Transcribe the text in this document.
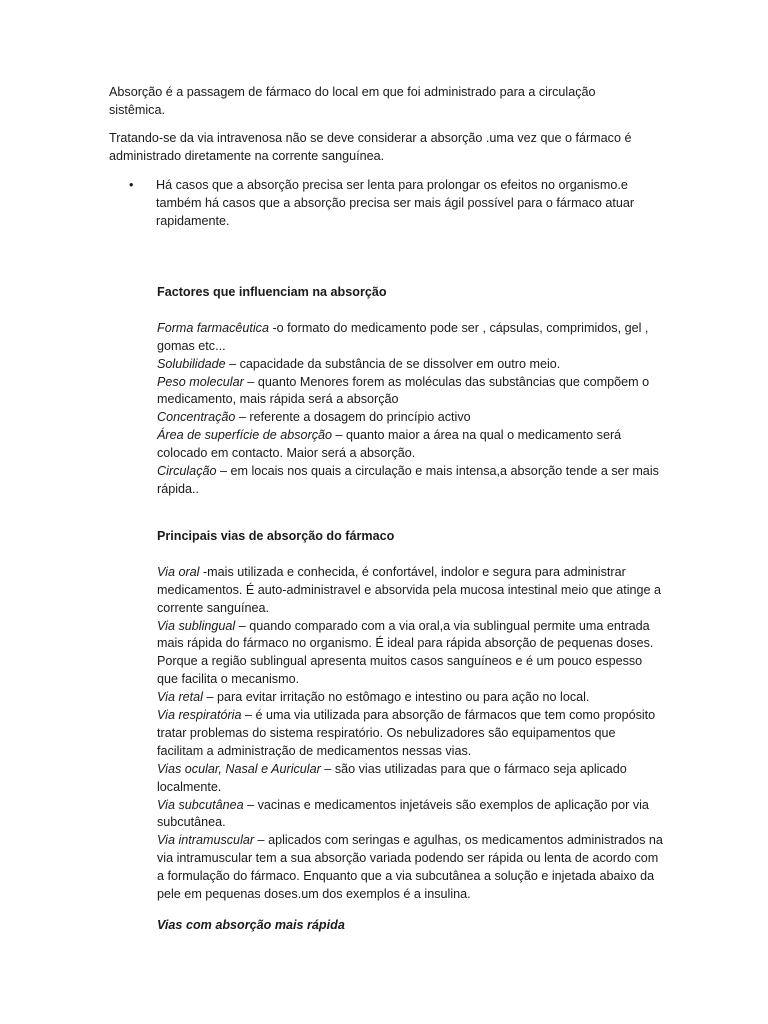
Absorção é a passagem de fármaco do local em que foi administrado para a circulação sistêmica.

Tratando-se da via intravenosa não se deve considerar a absorção .uma vez que o fármaco é administrado diretamente na corrente sanguínea.

• Há casos que a absorção precisa ser lenta para prolongar os efeitos no organismo.e também há casos que a absorção precisa ser mais ágil possível para o fármaco atuar rapidamente.

Factores que influenciam na absorção

Forma farmacêutica -o formato do medicamento pode ser , cápsulas, comprimidos, gel , gomas etc...

Solubilidade – capacidade da substância de se dissolver em outro meio.

Peso molecular – quanto Menores forem as moléculas das substâncias que compõem o medicamento, mais rápida será a absorção

Concentração – referente a dosagem do princípio activo

Área de superfície de absorção – quanto maior a área na qual o medicamento será colocado em contacto. Maior será a absorção.

Circulação – em locais nos quais a circulação e mais intensa,a absorção tende a ser mais rápida..

Principais vias de absorção do fármaco

Via oral -mais utilizada e conhecida, é confortável, indolor e segura para administrar medicamentos. É auto-administravel e absorvida pela mucosa intestinal meio que atinge a corrente sanguínea.

Via sublingual – quando comparado com a via oral,a via sublingual permite uma entrada mais rápida do fármaco no organismo. É ideal para rápida absorção de pequenas doses. Porque a região sublingual apresenta muitos casos sanguíneos e é um pouco espesso que facilita o mecanismo.

Via retal – para evitar irritação no estômago e intestino ou para ação no local.

Via respiratória – é uma via utilizada para absorção de fármacos que tem como propósito tratar problemas do sistema respiratório. Os nebulizadores são equipamentos que facilitam a administração de medicamentos nessas vias.

Vias ocular, Nasal e Auricular – são vias utilizadas para que o fármaco seja aplicado localmente.

Via subcutânea – vacinas e medicamentos injetáveis são exemplos de aplicação por via subcutânea.

Via intramuscular – aplicados com seringas e agulhas, os medicamentos administrados na via intramuscular tem a sua absorção variada podendo ser rápida ou lenta de acordo com a formulação do fármaco. Enquanto que a via subcutânea a solução e injetada abaixo da pele em pequenas doses.um dos exemplos é a insulina.

Vias com absorção mais rápida
